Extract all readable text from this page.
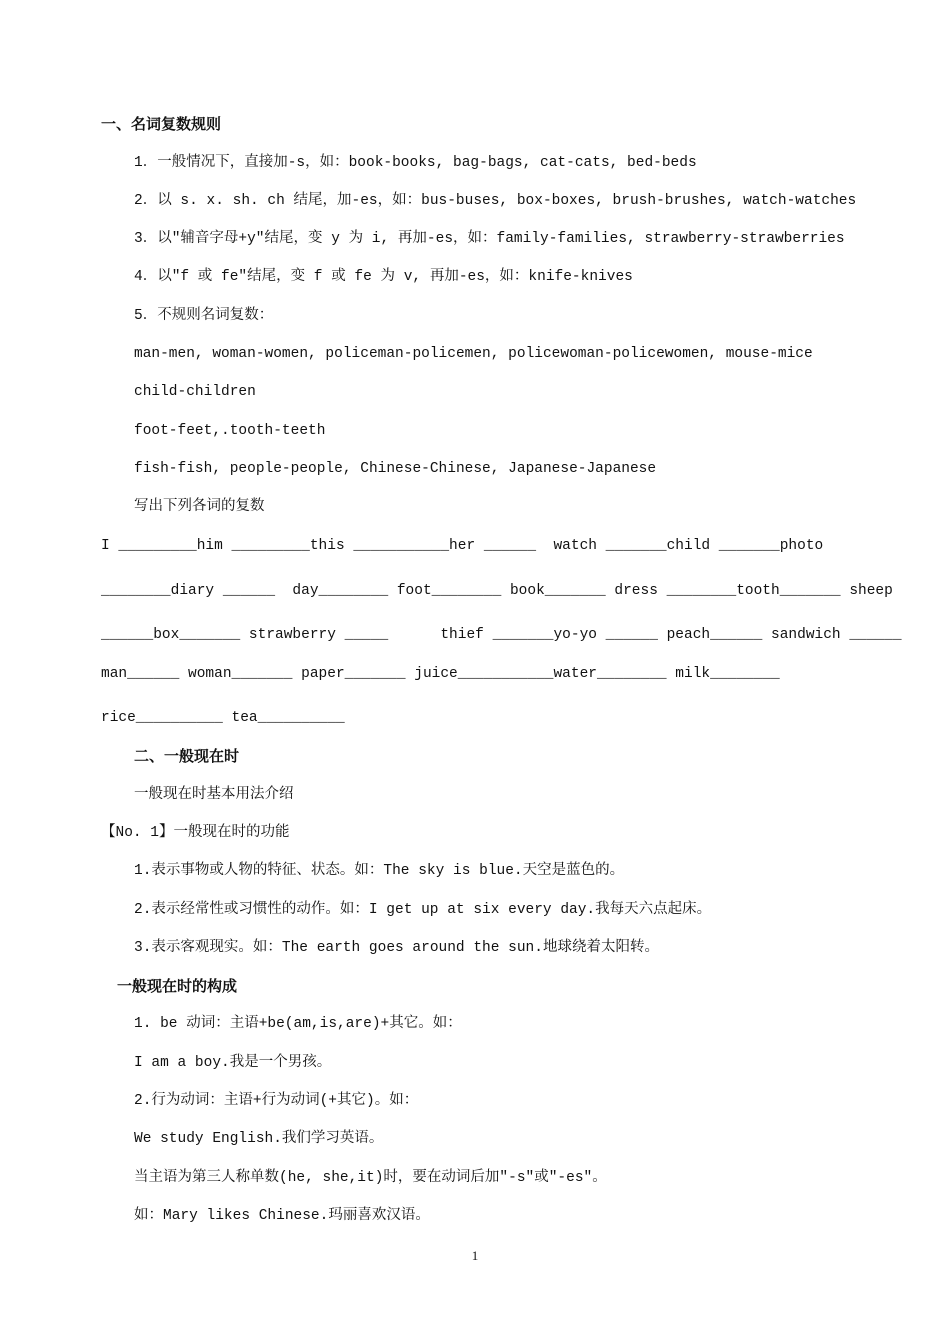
一、名词复数规则
1．一般情况下，直接加-s，如：book-books, bag-bags, cat-cats, bed-beds
2．以 s. x. sh. ch 结尾，加-es，如：bus-buses, box-boxes, brush-brushes, watch-watches
3．以"辅音字母+y"结尾，变 y 为 i, 再加-es，如：family-families, strawberry-strawberries
4．以"f 或 fe"结尾，变 f 或 fe 为 v, 再加-es，如：knife-knives
5．不规则名词复数：
man-men, woman-women, policeman-policemen, policewoman-policewomen, mouse-mice
child-children
foot-feet,.tooth-teeth
fish-fish, people-people, Chinese-Chinese, Japanese-Japanese
写出下列各词的复数
I _________him _________this ___________her ______  watch _______child _______photo
________diary ______  day________ foot________ book_______ dress ________tooth_______ sheep
______box_______ strawberry _____      thief _______yo-yo ______ peach______ sandwich ______
man______ woman_______ paper_______ juice___________water________ milk________
rice__________ tea__________
二、一般现在时
一般现在时基本用法介绍
【No. 1】一般现在时的功能
1.表示事物或人物的特征、状态。如：The sky is blue.天空是蓝色的。
2.表示经常性或习惯性的动作。如：I get up at six every day.我每天六点起床。
3.表示客观现实。如：The earth goes around the sun.地球绕着太阳转。
一般现在时的构成
1. be 动词：主语+be(am,is,are)+其它。如：
I am a boy.我是一个男孩。
2.行为动词：主语+行为动词(+其它)。如：
We study English.我们学习英语。
当主语为第三人称单数(he, she,it)时，要在动词后加"-s"或"-es"。
如：Mary likes Chinese.玛丽喜欢汉语。
1
